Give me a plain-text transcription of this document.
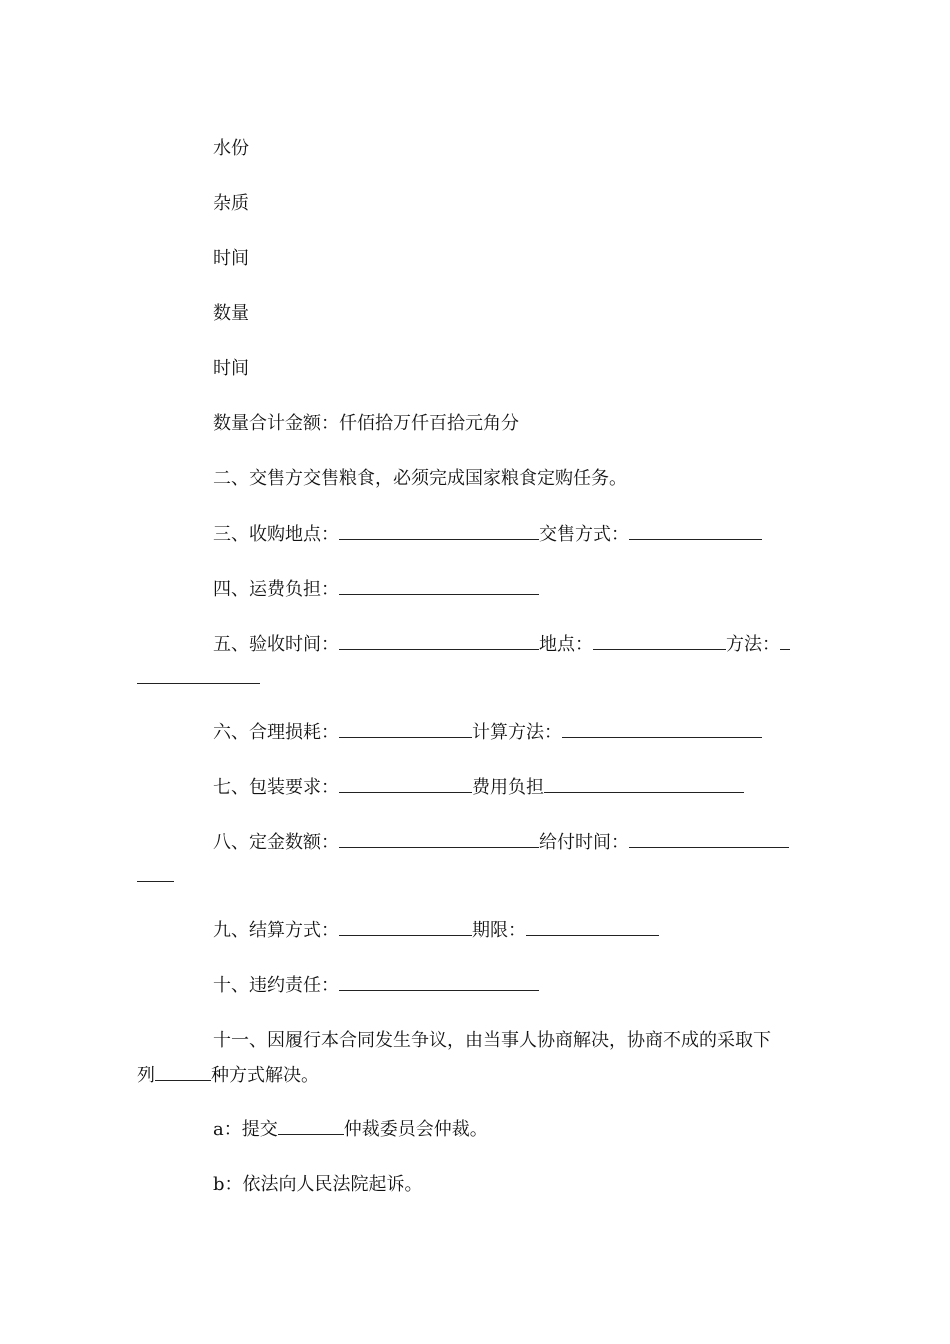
水份
杂质
时间
数量
时间
数量合计金额：仟佰拾万仟百拾元角分
二、交售方交售粮食，必须完成国家粮食定购任务。
三、收购地点：	交售方式：
四、运费负担：
五、验收时间：	地点：	方法：
六、合理损耗：	计算方法：
七、包装要求：	费用负担
八、定金数额：	给付时间：
九、结算方式：	期限：
十、违约责任：
十一、因履行本合同发生争议，由当事人协商解决，协商不成的采取下
列	种方式解决。
a：提交	仲裁委员会仲裁。
b：依法向人民法院起诉。
